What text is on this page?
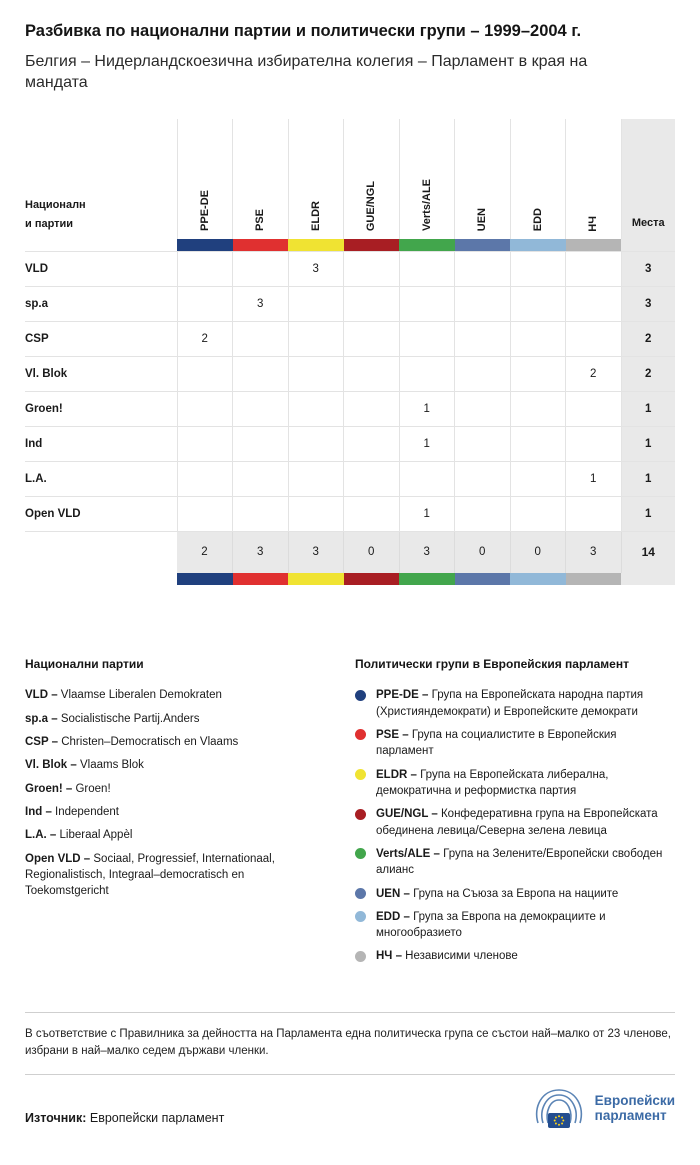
Разбивка по национални партии и политически групи – 1999–2004 г.

Белгия – Нидерландскоезична избирателна колегия – Парламент в края на мандата

Национални партии	PPE-DE	PSE	ELDR	GUE/NGL	Verts/ALE	UEN	EDD	НЧ	Места

VLD			3						3
sp.a		3							3
CSP	2								2
Vl. Blok								2	2
Groen!					1				1
Ind					1				1
L.A.								1	1
Open VLD					1				1
	2	3	3	0	3	0	0	3	14

Национални партии
VLD – Vlaamse Liberalen Demokraten
sp.a – Socialistische Partij.Anders
CSP – Christen–Democratisch en Vlaams
Vl. Blok – Vlaams Blok
Groen! – Groen!
Ind – Independent
L.A. – Liberaal Appèl
Open VLD – Sociaal, Progressief, Internationaal, Regionalistisch, Integraal–democratisch en Toekomstgericht
Политически групи в Европейския парламент
PPE-DE – Група на Европейската народна партия (Християндемократи) и Европейските демократи
PSE – Група на социалистите в Европейския парламент
ELDR – Група на Европейската либерална, демократична и реформистка партия
GUE/NGL – Конфедеративна група на Европейската обединена левица/Северна зелена левица
Verts/ALE – Група на Зелените/Европейски свободен алианс
UEN – Група на Съюза за Европа на нациите
EDD – Група за Европа на демокрациите и многообразието
НЧ – Независими членове
В съответствие с Правилника за дейността на Парламента една политическа група се състои най–малко от 23 членове, избрани в най–малко седем държави членки.
Източник: Европейски парламент
Европейски
парламент
